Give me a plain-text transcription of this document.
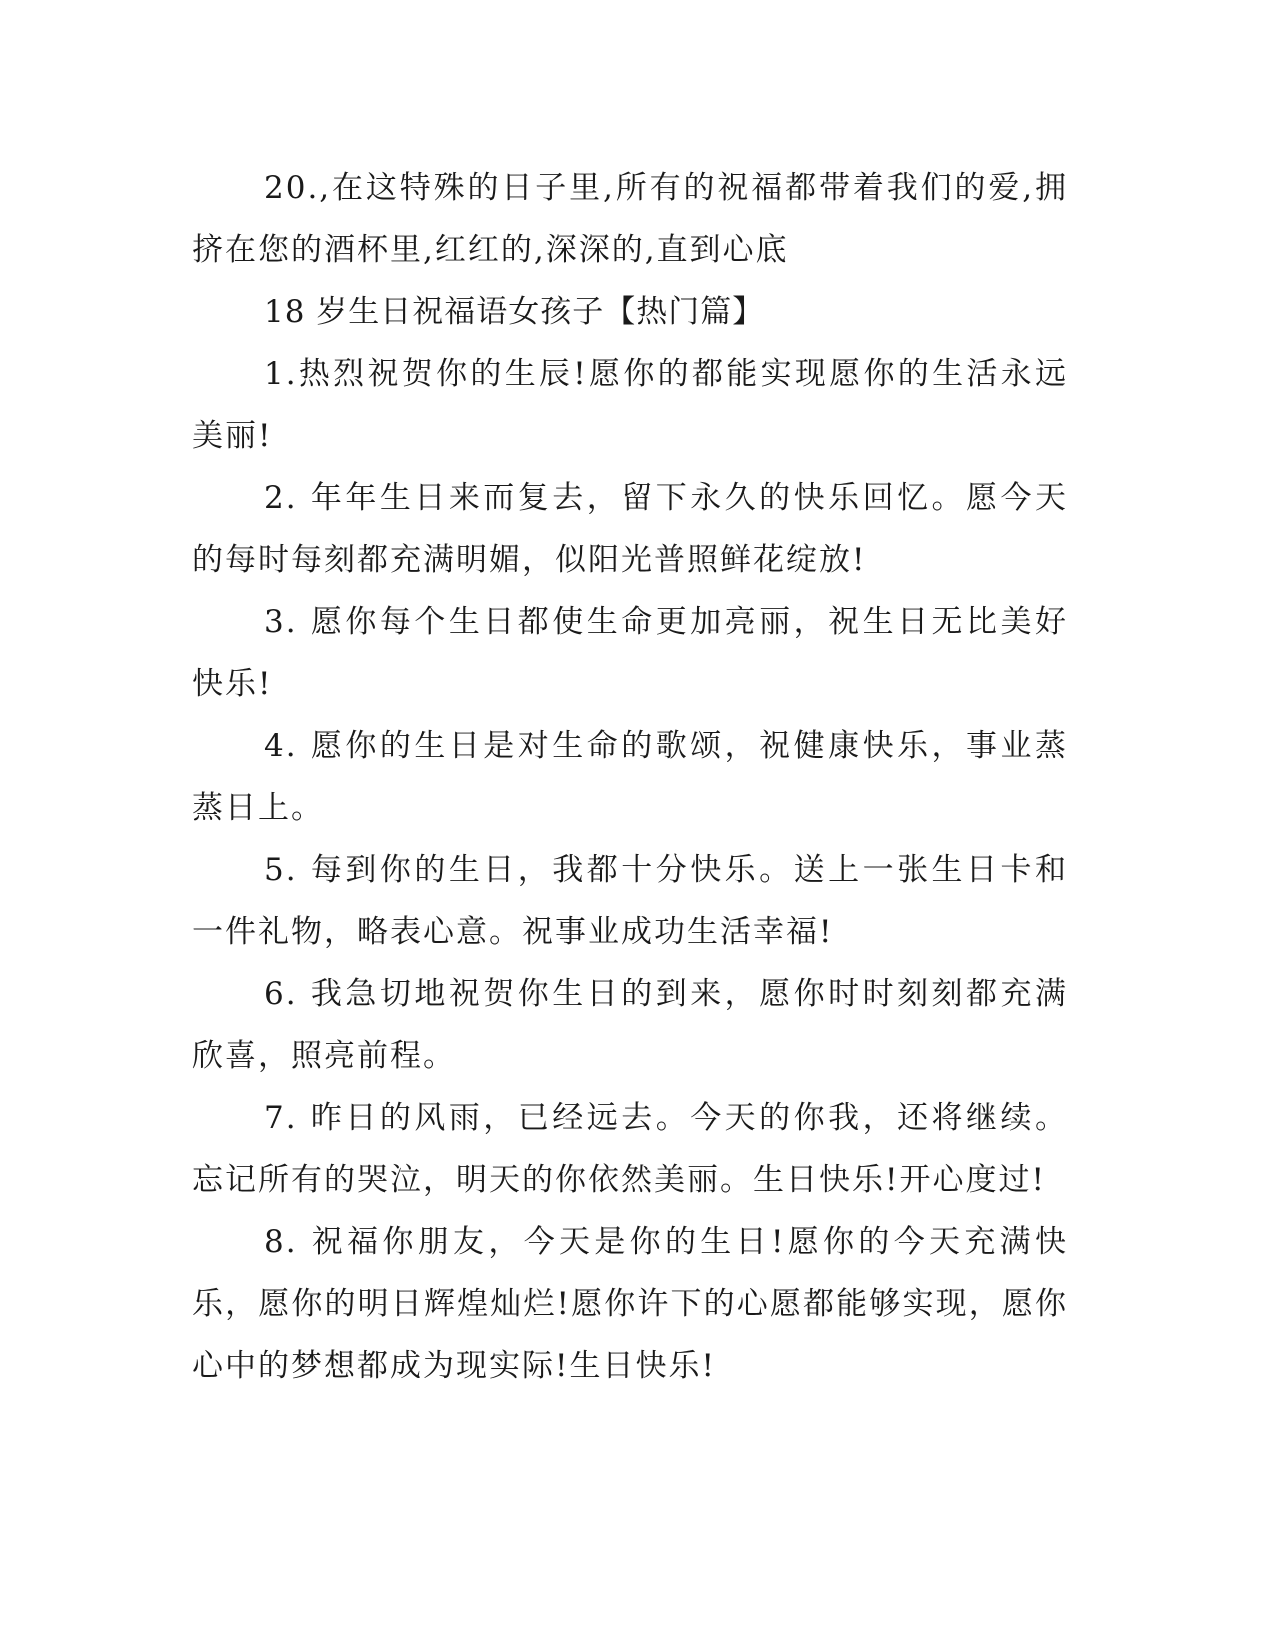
20.,在这特殊的日子里,所有的祝福都带着我们的爱,拥挤在您的酒杯里,红红的,深深的,直到心底

18 岁生日祝福语女孩子【热门篇】

1.热烈祝贺你的生辰!愿你的都能实现愿你的生活永远美丽!

2. 年年生日来而复去，留下永久的快乐回忆。愿今天的每时每刻都充满明媚，似阳光普照鲜花绽放!

3. 愿你每个生日都使生命更加亮丽，祝生日无比美好快乐!

4. 愿你的生日是对生命的歌颂，祝健康快乐，事业蒸蒸日上。

5. 每到你的生日，我都十分快乐。送上一张生日卡和一件礼物，略表心意。祝事业成功生活幸福!

6. 我急切地祝贺你生日的到来，愿你时时刻刻都充满欣喜，照亮前程。

7. 昨日的风雨，已经远去。今天的你我，还将继续。忘记所有的哭泣，明天的你依然美丽。生日快乐!开心度过!

8. 祝福你朋友，今天是你的生日!愿你的今天充满快乐，愿你的明日辉煌灿烂!愿你许下的心愿都能够实现，愿你心中的梦想都成为现实际!生日快乐!
